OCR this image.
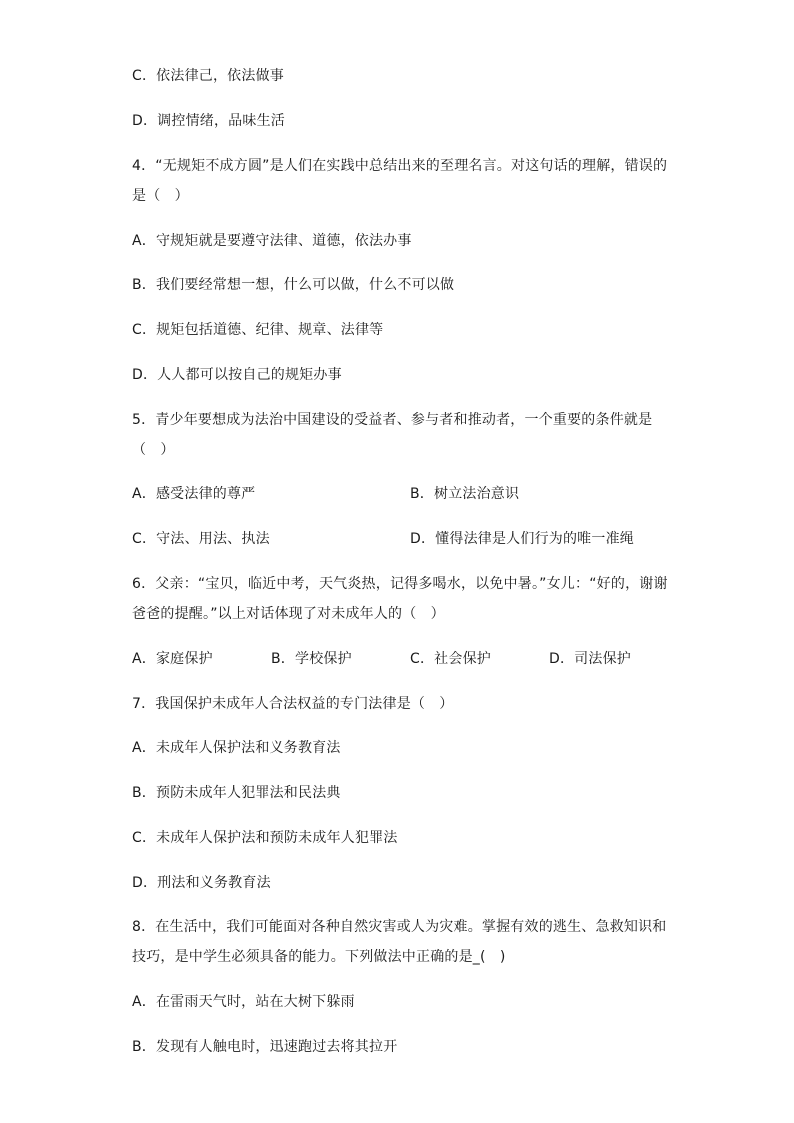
C．依法律己，依法做事
D．调控情绪，品味生活
4．“无规矩不成方圆”是人们在实践中总结出来的至理名言。对这句话的理解，错误的
是（　）
A．守规矩就是要遵守法律、道德，依法办事
B．我们要经常想一想，什么可以做，什么不可以做
C．规矩包括道德、纪律、规章、法律等
D．人人都可以按自己的规矩办事
5．青少年要想成为法治中国建设的受益者、参与者和推动者，一个重要的条件就是
（　）
A．感受法律的尊严	B．树立法治意识
C．守法、用法、执法	D．懂得法律是人们行为的唯一准绳
6．父亲：“宝贝，临近中考，天气炎热，记得多喝水，以免中暑。”女儿：“好的，谢谢
爸爸的提醒。”以上对话体现了对未成年人的（　）
A．家庭保护	B．学校保护	C．社会保护	D．司法保护
7．我国保护未成年人合法权益的专门法律是（　）
A．未成年人保护法和义务教育法
B．预防未成年人犯罪法和民法典
C．未成年人保护法和预防未成年人犯罪法
D．刑法和义务教育法
8．在生活中，我们可能面对各种自然灾害或人为灾难。掌握有效的逃生、急救知识和
技巧，是中学生必须具备的能力。下列做法中正确的是_(　)
A．在雷雨天气时，站在大树下躲雨
B．发现有人触电时，迅速跑过去将其拉开
